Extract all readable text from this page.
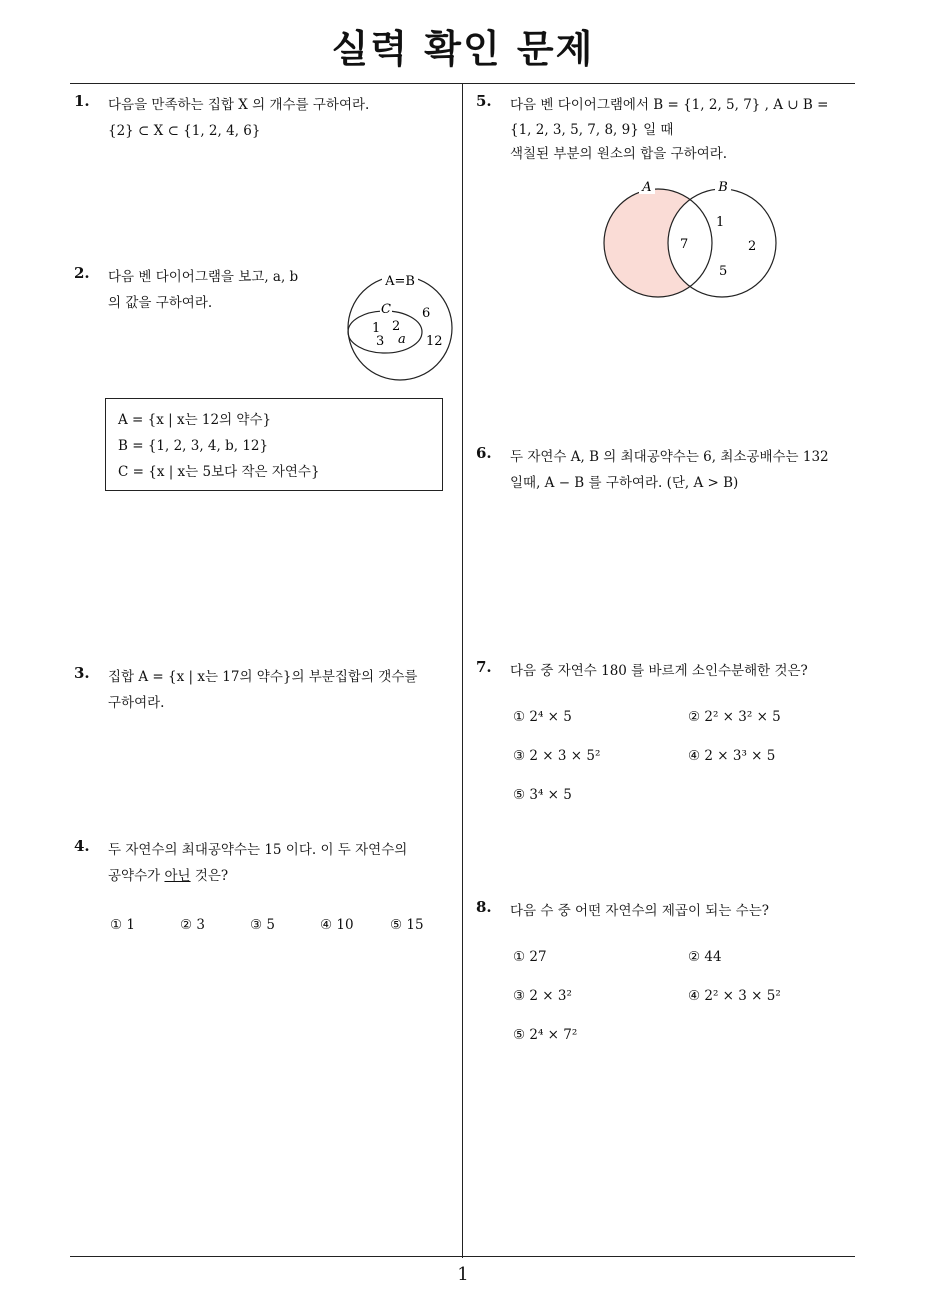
실력 확인 문제
1
1. 다음을 만족하는 집합 X 의 개수를 구하여라.
{2} ⊂ X ⊂ {1, 2, 4, 6}
2. 다음 벤 다이어그램을 보고, a, b
의 값을 구하여라.
A=B
C
1 2
3 a
6
12
A = {x | x는 12의 약수}
B = {1, 2, 3, 4, b, 12}
C = {x | x는 5보다 작은 자연수}
3. 집합 A = {x | x는 17의 약수}의 부분집합의 갯수를
구하여라.
4. 두 자연수의 최대공약수는 15 이다. 이 두 자연수의
공약수가 아닌 것은?
① 1	② 3	③ 5	④ 10	⑤ 15
5. 다음 벤 다이어그램에서 B = {1, 2, 5, 7} , A ∪ B =
{1, 2, 3, 5, 7, 8, 9} 일 때
색칠된 부분의 원소의 합을 구하여라.
A	B
7
1
2
5
6. 두 자연수 A, B 의 최대공약수는 6, 최소공배수는 132
일때, A − B 를 구하여라. (단, A > B)
7. 다음 중 자연수 180 를 바르게 소인수분해한 것은?
① 2⁴ × 5	② 2² × 3² × 5
③ 2 × 3 × 5²	④ 2 × 3³ × 5
⑤ 3⁴ × 5
8. 다음 수 중 어떤 자연수의 제곱이 되는 수는?
① 27	② 44
③ 2 × 3²	④ 2² × 3 × 5²
⑤ 2⁴ × 7²
